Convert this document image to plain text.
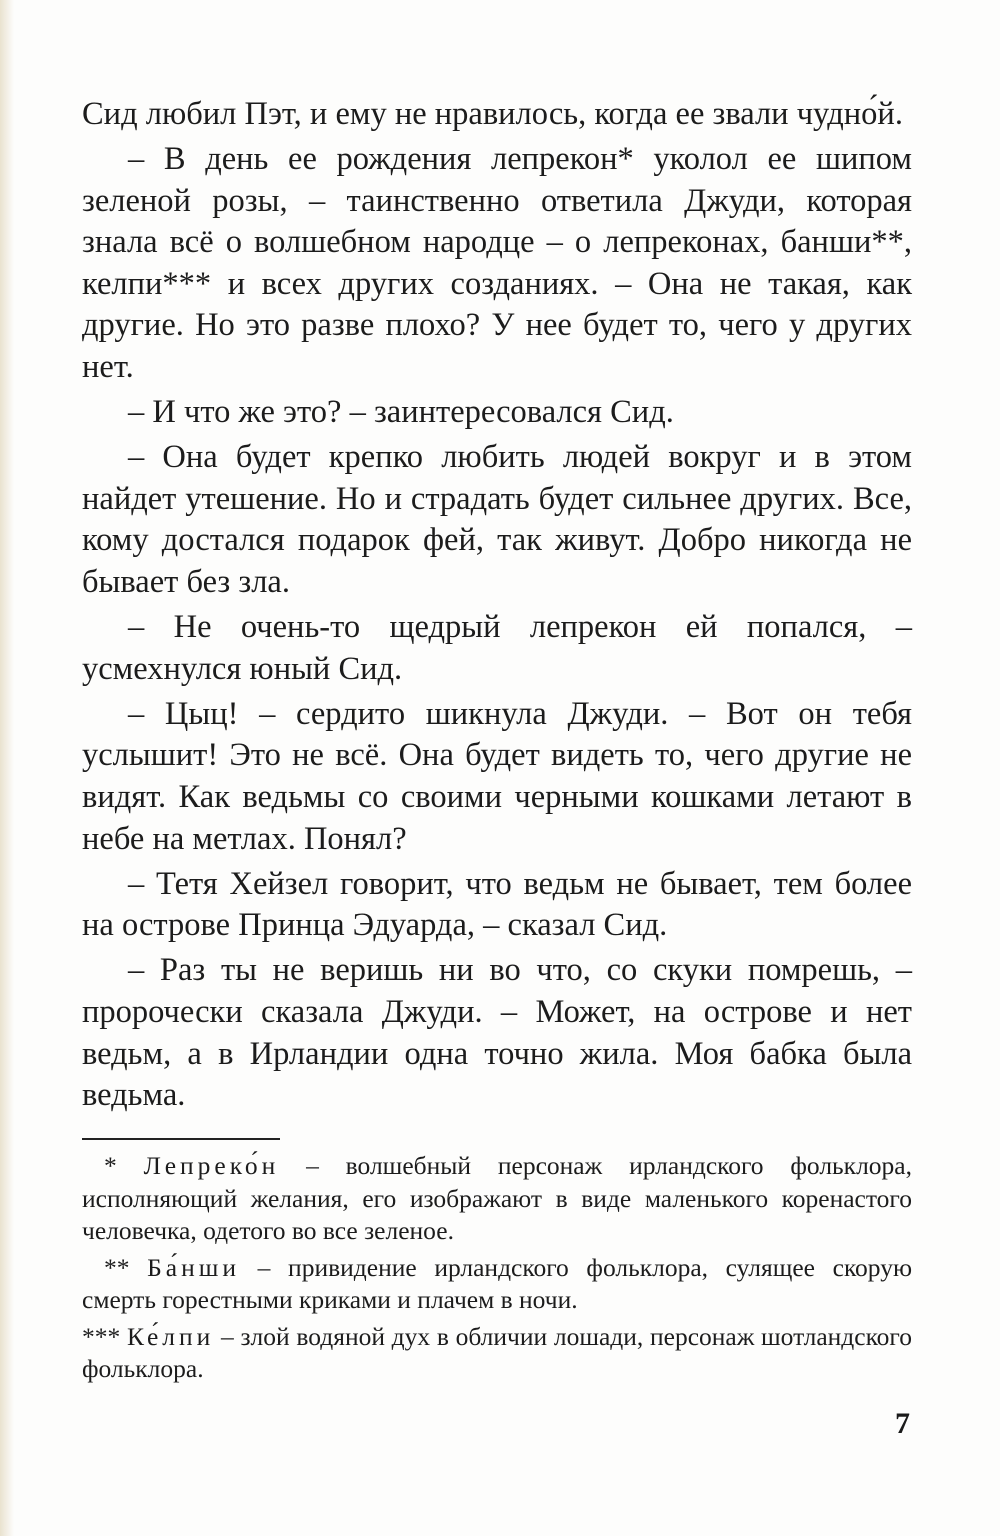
Сид любил Пэт, и ему не нравилось, когда ее звали чудно́й.

– В день ее рождения лепрекон* уколол ее шипом зеленой розы, – таинственно ответила Джуди, которая знала всё о волшебном народце – о лепреконах, банши**, келпи*** и всех других созданиях. – Она не такая, как другие. Но это разве плохо? У нее будет то, чего у других нет.

– И что же это? – заинтересовался Сид.

– Она будет крепко любить людей вокруг и в этом найдет утешение. Но и страдать будет сильнее других. Все, кому достался подарок фей, так живут. Добро никогда не бывает без зла.

– Не очень-то щедрый лепрекон ей попался, – усмехнулся юный Сид.

– Цыц! – сердито шикнула Джуди. – Вот он тебя услышит! Это не всё. Она будет видеть то, чего другие не видят. Как ведьмы со своими черными кошками летают в небе на метлах. Понял?

– Тетя Хейзел говорит, что ведьм не бывает, тем более на острове Принца Эдуарда, – сказал Сид.

– Раз ты не веришь ни во что, со скуки помрешь, – пророчески сказала Джуди. – Может, на острове и нет ведьм, а в Ирландии одна точно жила. Моя бабка была ведьма.

* Лепреко́н – волшебный персонаж ирландского фольклора, исполняющий желания, его изображают в виде маленького коренастого человечка, одетого во все зеленое.

** Ба́нши – привидение ирландского фольклора, сулящее скорую смерть горестными криками и плачем в ночи.

*** Ке́лпи – злой водяной дух в обличии лошади, персонаж шотландского фольклора.

7
